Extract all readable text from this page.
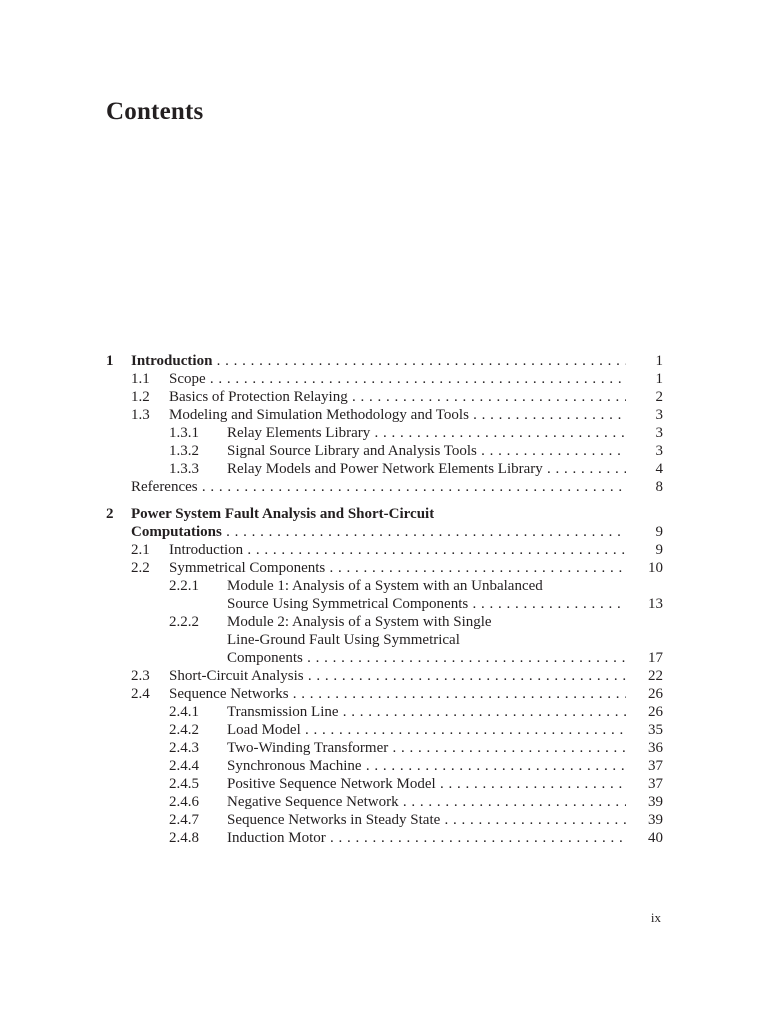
Contents
1 Introduction . . .	1
1.1 Scope . . .	1
1.2 Basics of Protection Relaying . . .	2
1.3 Modeling and Simulation Methodology and Tools . . .	3
1.3.1 Relay Elements Library . . .	3
1.3.2 Signal Source Library and Analysis Tools . . .	3
1.3.3 Relay Models and Power Network Elements Library . . .	4
References . . .	8
2 Power System Fault Analysis and Short-Circuit
Computations . . .	9
2.1 Introduction . . .	9
2.2 Symmetrical Components . . .	10
2.2.1 Module 1: Analysis of a System with an Unbalanced
Source Using Symmetrical Components . . .	13
2.2.2 Module 2: Analysis of a System with Single
Line-Ground Fault Using Symmetrical
Components . . .	17
2.3 Short-Circuit Analysis . . .	22
2.4 Sequence Networks . . .	26
2.4.1 Transmission Line . . .	26
2.4.2 Load Model . . .	35
2.4.3 Two-Winding Transformer . . .	36
2.4.4 Synchronous Machine . . .	37
2.4.5 Positive Sequence Network Model . . .	37
2.4.6 Negative Sequence Network . . .	39
2.4.7 Sequence Networks in Steady State . . .	39
2.4.8 Induction Motor . . .	40
ix
